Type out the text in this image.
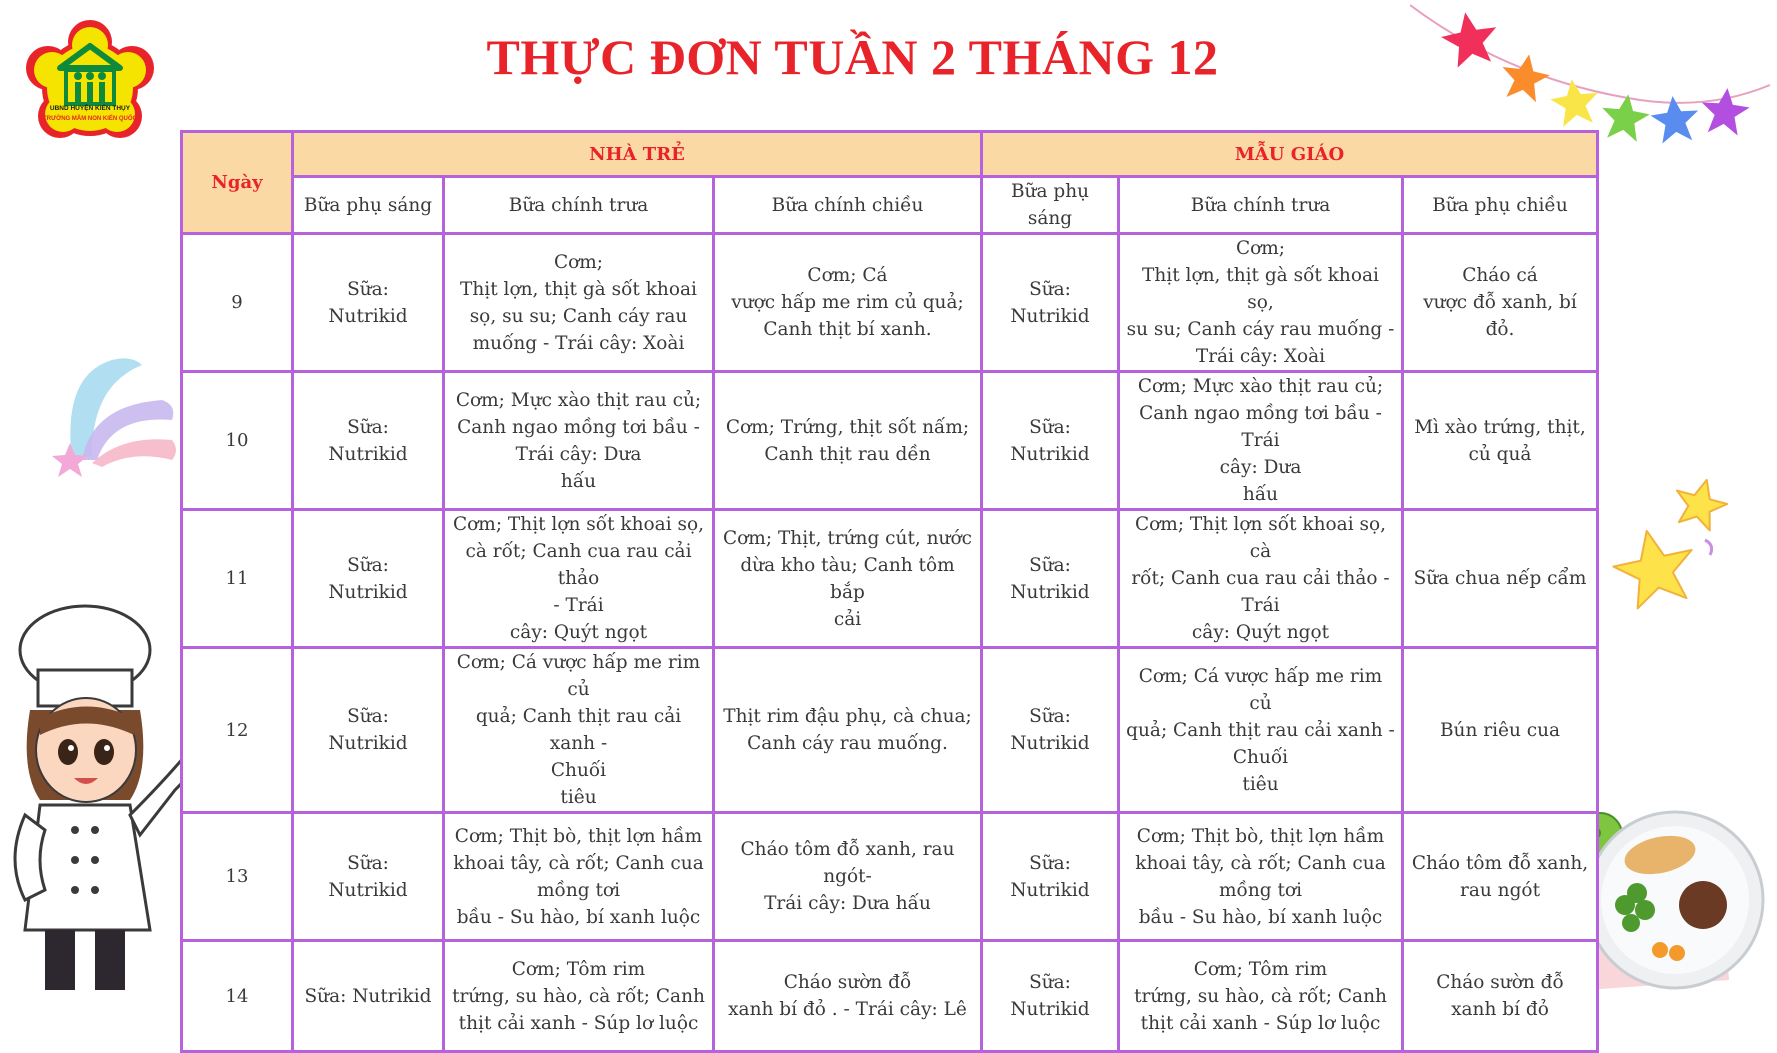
UBND HUYỆN KIẾN THỤY
TRƯỜNG MẦM NON KIẾN QUỐC
THỰC ĐƠN TUẦN 2 THÁNG 12
Ngày	NHÀ TRẺ			MẪU GIÁO		
	Bữa phụ sáng	Bữa chính trưa	Bữa chính chiều	Bữa phụ sáng	Bữa chính trưa	Bữa phụ chiều
9	Sữa:
Nutrikid	Cơm;
Thịt lợn, thịt gà sốt khoai
sọ, su su; Canh cáy rau
muống - Trái cây: Xoài	Cơm; Cá
vược hấp me rim củ quả;
Canh thịt bí xanh.	Sữa:
Nutrikid	Cơm;
Thịt lợn, thịt gà sốt khoai sọ,
su su; Canh cáy rau muống -
Trái cây: Xoài	Cháo cá
vược đỗ xanh, bí
đỏ.

10	Sữa:
Nutrikid	Cơm; Mực xào thịt rau củ;
Canh ngao mồng tơi bầu -
Trái cây: Dưa
hấu	Cơm; Trứng, thịt sốt nấm;
Canh thịt rau dền	Sữa:
Nutrikid	Cơm; Mực xào thịt rau củ;
Canh ngao mồng tơi bầu - Trái
cây: Dưa
hấu	Mì xào trứng, thịt,
củ quả

11	Sữa:
Nutrikid	Cơm; Thịt lợn sốt khoai sọ,
cà rốt; Canh cua rau cải thảo
- Trái
cây: Quýt ngọt	Cơm; Thịt, trứng cút, nước
dừa kho tàu; Canh tôm bắp
cải	Sữa:
Nutrikid	Cơm; Thịt lợn sốt khoai sọ, cà
rốt; Canh cua rau cải thảo -
Trái
cây: Quýt ngọt	Sữa chua nếp cẩm

12	Sữa:
Nutrikid	Cơm; Cá vược hấp me rim củ
quả; Canh thịt rau cải xanh -
Chuối
tiêu	Thịt rim đậu phụ, cà chua;
Canh cáy rau muống.	Sữa:
Nutrikid	Cơm; Cá vược hấp me rim củ
quả; Canh thịt rau cải xanh -
Chuối
tiêu	Bún riêu cua

13	Sữa:
Nutrikid	Cơm; Thịt bò, thịt lợn hầm
khoai tây, cà rốt; Canh cua
mồng tơi
bầu - Su hào, bí xanh luộc	Cháo tôm đỗ xanh, rau ngót-
Trái cây: Dưa hấu	Sữa:
Nutrikid	Cơm; Thịt bò, thịt lợn hầm
khoai tây, cà rốt; Canh cua
mồng tơi
bầu - Su hào, bí xanh luộc	Cháo tôm đỗ xanh,
rau ngót

14	Sữa: Nutrikid	Cơm; Tôm rim
trứng, su hào, cà rốt; Canh
thịt cải xanh - Súp lơ luộc	Cháo sườn đỗ
xanh bí đỏ . - Trái cây: Lê	Sữa: Nutrikid	Cơm; Tôm rim
trứng, su hào, cà rốt; Canh
thịt cải xanh - Súp lơ luộc	Cháo sườn đỗ
xanh bí đỏ
